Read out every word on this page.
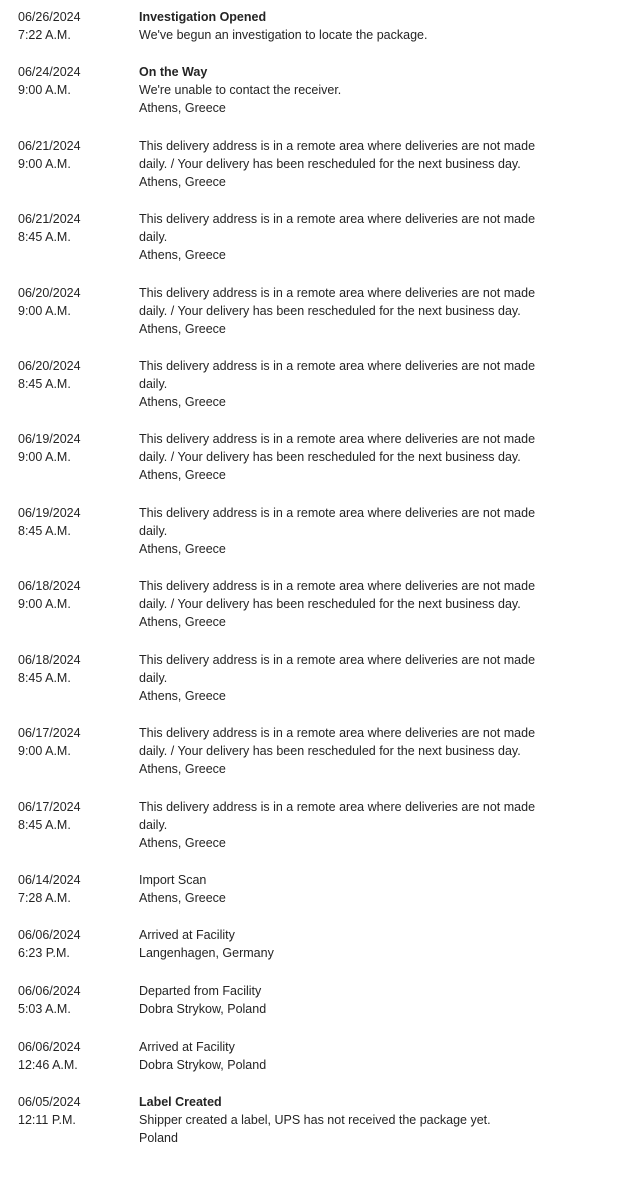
06/26/2024
7:22 A.M.
Investigation Opened
We've begun an investigation to locate the package.
06/24/2024
9:00 A.M.
On the Way
We're unable to contact the receiver.
Athens, Greece
06/21/2024
9:00 A.M.
This delivery address is in a remote area where deliveries are not made daily. / Your delivery has been rescheduled for the next business day.
Athens, Greece
06/21/2024
8:45 A.M.
This delivery address is in a remote area where deliveries are not made daily.
Athens, Greece
06/20/2024
9:00 A.M.
This delivery address is in a remote area where deliveries are not made daily. / Your delivery has been rescheduled for the next business day.
Athens, Greece
06/20/2024
8:45 A.M.
This delivery address is in a remote area where deliveries are not made daily.
Athens, Greece
06/19/2024
9:00 A.M.
This delivery address is in a remote area where deliveries are not made daily. / Your delivery has been rescheduled for the next business day.
Athens, Greece
06/19/2024
8:45 A.M.
This delivery address is in a remote area where deliveries are not made daily.
Athens, Greece
06/18/2024
9:00 A.M.
This delivery address is in a remote area where deliveries are not made daily. / Your delivery has been rescheduled for the next business day.
Athens, Greece
06/18/2024
8:45 A.M.
This delivery address is in a remote area where deliveries are not made daily.
Athens, Greece
06/17/2024
9:00 A.M.
This delivery address is in a remote area where deliveries are not made daily. / Your delivery has been rescheduled for the next business day.
Athens, Greece
06/17/2024
8:45 A.M.
This delivery address is in a remote area where deliveries are not made daily.
Athens, Greece
06/14/2024
7:28 A.M.
Import Scan
Athens, Greece
06/06/2024
6:23 P.M.
Arrived at Facility
Langenhagen, Germany
06/06/2024
5:03 A.M.
Departed from Facility
Dobra Strykow, Poland
06/06/2024
12:46 A.M.
Arrived at Facility
Dobra Strykow, Poland
06/05/2024
12:11 P.M.
Label Created
Shipper created a label, UPS has not received the package yet.
Poland
